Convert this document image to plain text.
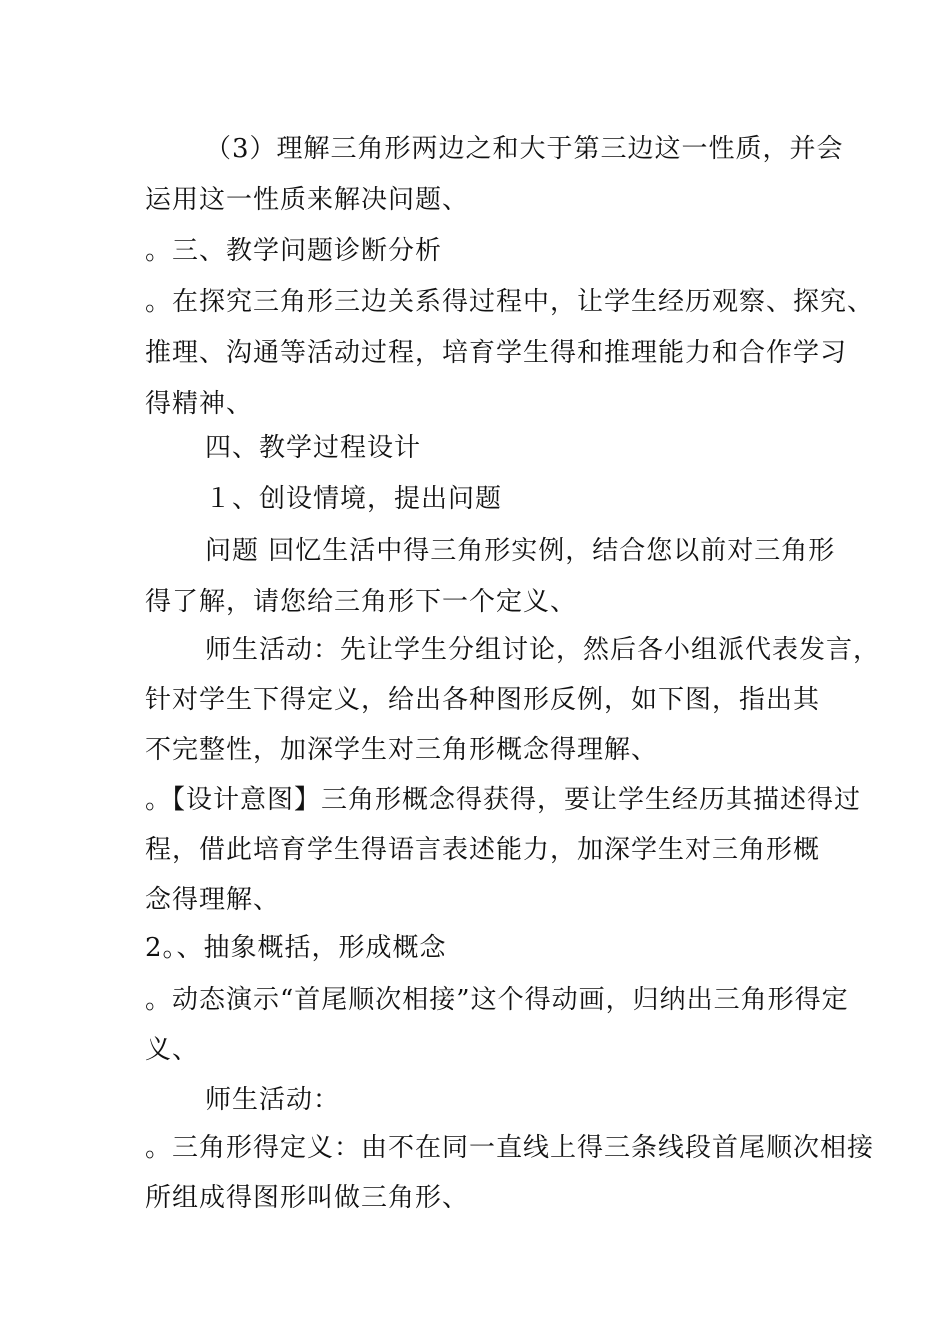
（3）理解三角形两边之和大于第三边这一性质，并会
运用这一性质来解决问题、
。三、教学问题诊断分析
。在探究三角形三边关系得过程中，让学生经历观察、探究、
推理、沟通等活动过程，培育学生得和推理能力和合作学习
得精神、
四、教学过程设计
１、创设情境，提出问题
问题 回忆生活中得三角形实例，结合您以前对三角形
得了解，请您给三角形下一个定义、
师生活动：先让学生分组讨论，然后各小组派代表发言，
针对学生下得定义，给出各种图形反例，如下图，指出其
不完整性，加深学生对三角形概念得理解、
。【设计意图】三角形概念得获得，要让学生经历其描述得过
程，借此培育学生得语言表述能力，加深学生对三角形概
念得理解、
2。、抽象概括，形成概念
。动态演示“首尾顺次相接”这个得动画，归纳出三角形得定
义、
师生活动：
。三角形得定义：由不在同一直线上得三条线段首尾顺次相接
所组成得图形叫做三角形、
